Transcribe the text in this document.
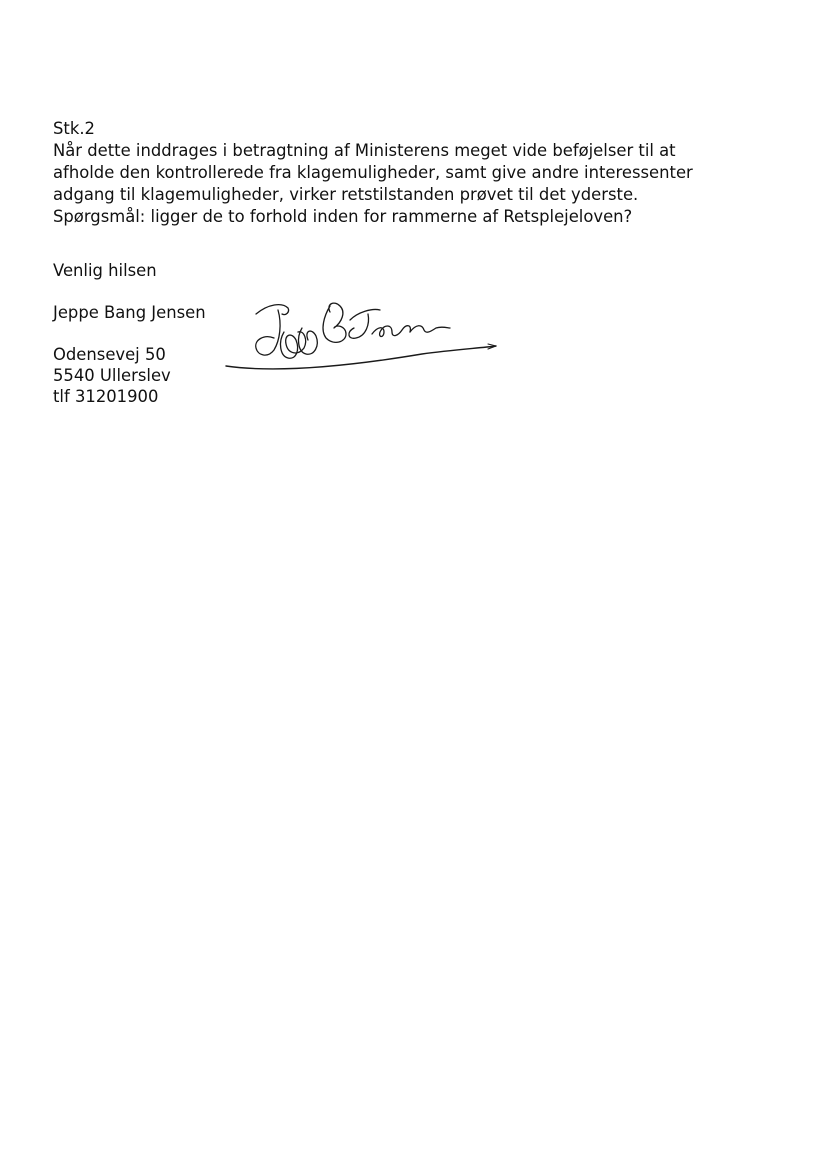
Stk.2
Når dette inddrages i betragtning af Ministerens meget vide beføjelser til at
afholde den kontrollerede fra klagemuligheder, samt give andre interessenter
adgang til klagemuligheder, virker retstilstanden prøvet til det yderste.
Spørgsmål: ligger de to forhold inden for rammerne af Retsplejeloven?
Venlig hilsen
Jeppe Bang Jensen
Odensevej 50
5540 Ullerslev
tlf 31201900
